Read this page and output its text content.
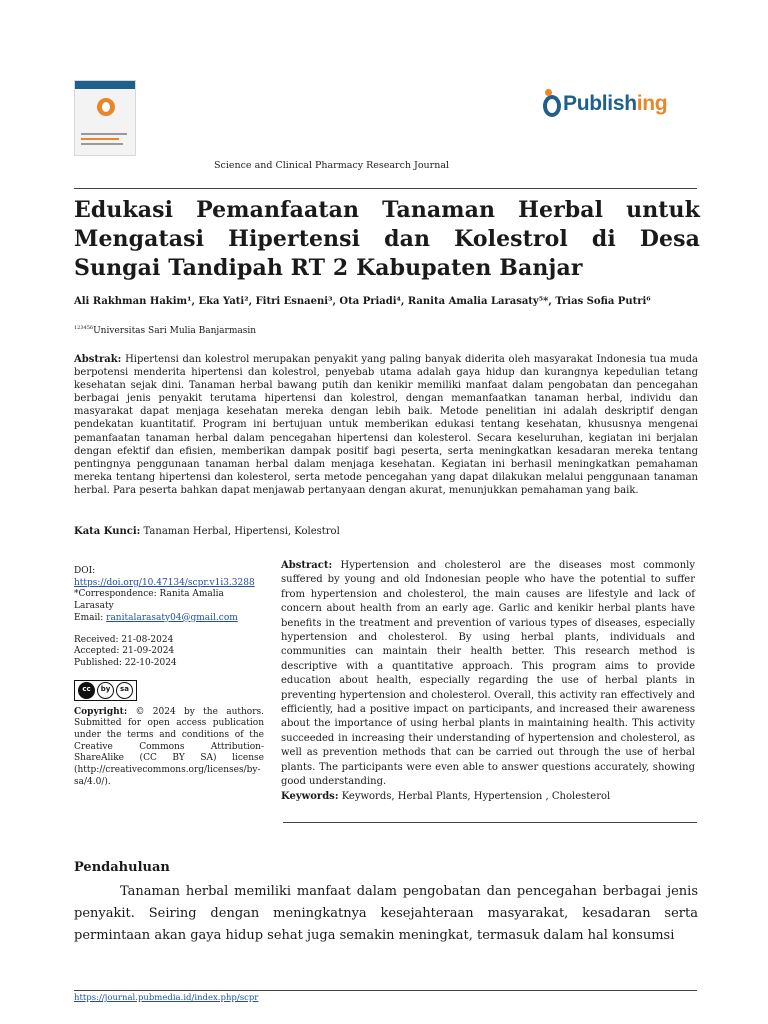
Publish ing
Science and Clinical Pharmacy Research Journal
Edukasi Pemanfaatan Tanaman Herbal untuk Mengatasi Hipertensi dan Kolestrol di Desa Sungai Tandipah RT 2 Kabupaten Banjar
Ali Rakhman Hakim¹, Eka Yati², Fitri Esnaeni³, Ota Priadi⁴, Ranita Amalia Larasaty⁵*, Trias Sofia Putri⁶
$^{123456}$Universitas Sari Mulia Banjarmasin

Abstrak: Hipertensi dan kolestrol merupakan penyakit yang paling banyak diderita oleh masyarakat Indonesia tua muda berpotensi menderita hipertensi dan kolestrol, penyebab utama adalah gaya hidup dan kurangnya kepedulian tetang kesehatan sejak dini. Tanaman herbal bawang putih dan kenikir memiliki manfaat dalam pengobatan dan pencegahan berbagai jenis penyakit terutama hipertensi dan kolestrol, dengan memanfaatkan tanaman herbal, individu dan masyarakat dapat menjaga kesehatan mereka dengan lebih baik. Metode penelitian ini adalah deskriptif dengan pendekatan kuantitatif. Program ini bertujuan untuk memberikan edukasi tentang kesehatan, khususnya mengenai pemanfaatan tanaman herbal dalam pencegahan hipertensi dan kolesterol. Secara keseluruhan, kegiatan ini berjalan dengan efektif dan efisien, memberikan dampak positif bagi peserta, serta meningkatkan kesadaran mereka tentang pentingnya penggunaan tanaman herbal dalam menjaga kesehatan. Kegiatan ini berhasil meningkatkan pemahaman mereka tentang hipertensi dan kolesterol, serta metode pencegahan yang dapat dilakukan melalui penggunaan tanaman herbal. Para peserta bahkan dapat menjawab pertanyaan dengan akurat, menunjukkan pemahaman yang baik.

Kata Kunci: Tanaman Herbal, Hipertensi, Kolestrol

DOI:
https://doi.org/10.47134/scpr.v1i3.3288
*Correspondence: Ranita Amalia Larasaty
Email: ranitalarasaty04@gmail.com
Received: 21-08-2024
Accepted: 21-09-2024
Published: 22-10-2024
cc	by	sa

Copyright: © 2024 by the authors. Submitted for open access publication under the terms and conditions of the Creative Commons Attribution-ShareAlike (CC BY SA) license (http://creativecommons.org/licenses/by-sa/4.0/).

Abstract: Hypertension and cholesterol are the diseases most commonly suffered by young and old Indonesian people who have the potential to suffer from hypertension and cholesterol, the main causes are lifestyle and lack of concern about health from an early age. Garlic and kenikir herbal plants have benefits in the treatment and prevention of various types of diseases, especially hypertension and cholesterol. By using herbal plants, individuals and communities can maintain their health better. This research method is descriptive with a quantitative approach. This program aims to provide education about health, especially regarding the use of herbal plants in preventing hypertension and cholesterol. Overall, this activity ran effectively and efficiently, had a positive impact on participants, and increased their awareness about the importance of using herbal plants in maintaining health. This activity succeeded in increasing their understanding of hypertension and cholesterol, as well as prevention methods that can be carried out through the use of herbal plants. The participants were even able to answer questions accurately, showing good understanding.

Keywords: Keywords, Herbal Plants, Hypertension , Cholesterol

Pendahuluan

Tanaman herbal memiliki manfaat dalam pengobatan dan pencegahan berbagai jenis penyakit. Seiring dengan meningkatnya kesejahteraan masyarakat, kesadaran serta permintaan akan gaya hidup sehat juga semakin meningkat, termasuk dalam hal konsumsi

https://journal.pubmedia.id/index.php/scpr
